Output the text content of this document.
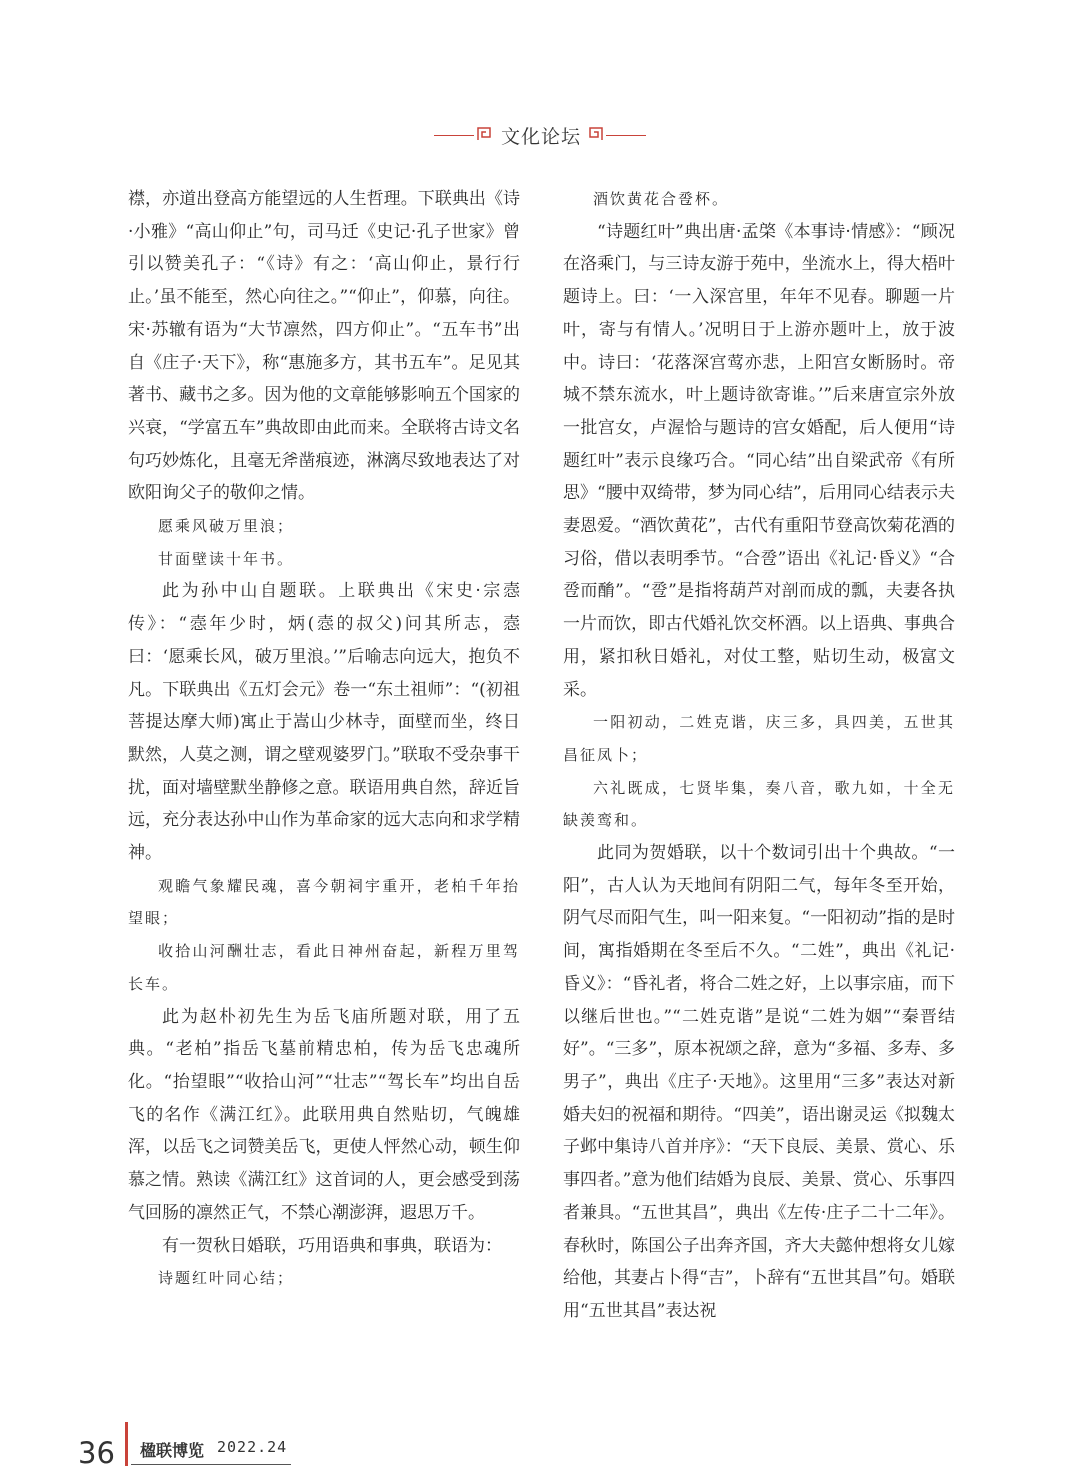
文化论坛

襟，亦道出登高方能望远的人生哲理。下联典出《诗·小雅》“高山仰止”句，司马迁《史记·孔子世家》曾引以赞美孔子：“《诗》有之：‘高山仰止，景行行止。’虽不能至，然心向往之。”“仰止”，仰慕，向往。宋·苏辙有语为“大节凛然，四方仰止”。“五车书”出自《庄子·天下》，称“惠施多方，其书五车”。足见其著书、藏书之多。因为他的文章能够影响五个国家的兴衰，“学富五车”典故即由此而来。全联将古诗文名句巧妙炼化，且毫无斧凿痕迹，淋漓尽致地表达了对欧阳询父子的敬仰之情。

愿乘风破万里浪；

甘面壁读十年书。

此为孙中山自题联。上联典出《宋史·宗悫传》：“悫年少时，炳(悫的叔父)问其所志，悫曰：‘愿乘长风，破万里浪。’”后喻志向远大，抱负不凡。下联典出《五灯会元》卷一“东土祖师”：“(初祖菩提达摩大师)寓止于嵩山少林寺，面壁而坐，终日默然，人莫之测，谓之壁观婆罗门。”联取不受杂事干扰，面对墙壁默坐静修之意。联语用典自然，辞近旨远，充分表达孙中山作为革命家的远大志向和求学精神。

观瞻气象耀民魂，喜今朝祠宇重开，老柏千年抬望眼；

收拾山河酬壮志，看此日神州奋起，新程万里驾长车。

此为赵朴初先生为岳飞庙所题对联，用了五典。“老柏”指岳飞墓前精忠柏，传为岳飞忠魂所化。“抬望眼”“收拾山河”“壮志”“驾长车”均出自岳飞的名作《满江红》。此联用典自然贴切，气魄雄浑，以岳飞之词赞美岳飞，更使人怦然心动，顿生仰慕之情。熟读《满江红》这首词的人，更会感受到荡气回肠的凛然正气，不禁心潮澎湃，遐思万千。

有一贺秋日婚联，巧用语典和事典，联语为：

诗题红叶同心结；

酒饮黄花合卺杯。

“诗题红叶”典出唐·孟棨《本事诗·情感》：“顾况在洛乘门，与三诗友游于苑中，坐流水上，得大梧叶题诗上。曰：‘一入深宫里，年年不见春。聊题一片叶，寄与有情人。’况明日于上游亦题叶上，放于波中。诗曰：‘花落深宫莺亦悲，上阳宫女断肠时。帝城不禁东流水，叶上题诗欲寄谁。’”后来唐宣宗外放一批宫女，卢渥恰与题诗的宫女婚配，后人便用“诗题红叶”表示良缘巧合。“同心结”出自梁武帝《有所思》“腰中双绮带，梦为同心结”，后用同心结表示夫妻恩爱。“酒饮黄花”，古代有重阳节登高饮菊花酒的习俗，借以表明季节。“合卺”语出《礼记·昏义》“合卺而酳”。“卺”是指将葫芦对剖而成的瓢，夫妻各执一片而饮，即古代婚礼饮交杯酒。以上语典、事典合用，紧扣秋日婚礼，对仗工整，贴切生动，极富文采。

一阳初动，二姓克谐，庆三多，具四美，五世其昌征凤卜；

六礼既成，七贤毕集，奏八音，歌九如，十全无缺羡鸾和。

此同为贺婚联，以十个数词引出十个典故。“一阳”，古人认为天地间有阴阳二气，每年冬至开始，阴气尽而阳气生，叫一阳来复。“一阳初动”指的是时间，寓指婚期在冬至后不久。“二姓”，典出《礼记·昏义》：“昏礼者，将合二姓之好，上以事宗庙，而下以继后世也。”“二姓克谐”是说“二姓为姻”“秦晋结好”。“三多”，原本祝颂之辞，意为“多福、多寿、多男子”，典出《庄子·天地》。这里用“三多”表达对新婚夫妇的祝福和期待。“四美”，语出谢灵运《拟魏太子邺中集诗八首并序》：“天下良辰、美景、赏心、乐事四者。”意为他们结婚为良辰、美景、赏心、乐事四者兼具。“五世其昌”，典出《左传·庄子二十二年》。春秋时，陈国公子出奔齐国，齐大夫懿仲想将女儿嫁给他，其妻占卜得“吉”，卜辞有“五世其昌”句。婚联用“五世其昌”表达祝

36 楹联博览 2022.24
